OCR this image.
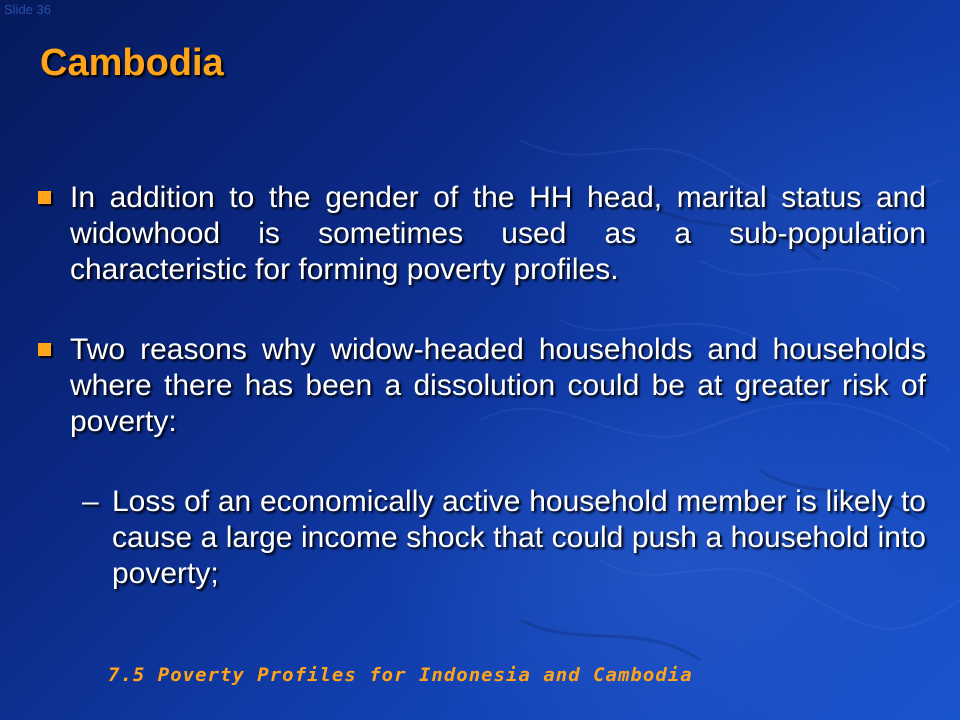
Slide 36
Cambodia

In addition to the gender of the HH head, marital status and widowhood is sometimes used as a sub-population characteristic for forming poverty profiles.

Two reasons why widow-headed households and households where there has been a dissolution could be at greater risk of poverty:

– Loss of an economically active household member is likely to cause a large income shock that could push a household into poverty;

7.5 Poverty Profiles for Indonesia and Cambodia
